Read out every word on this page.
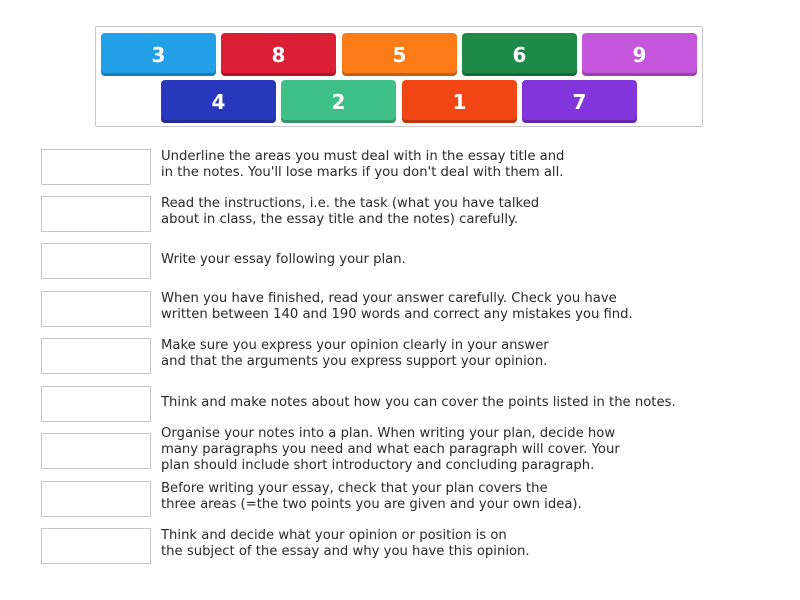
3	8	5	6	9
4	2	1	7
Underline the areas you must deal with in the essay title and
in the notes. You'll lose marks if you don't deal with them all.
Read the instructions, i.e. the task (what you have talked
about in class, the essay title and the notes) carefully.
Write your essay following your plan.
When you have finished, read your answer carefully. Check you have
written between 140 and 190 words and correct any mistakes you find.
Make sure you express your opinion clearly in your answer
and that the arguments you express support your opinion.
Think and make notes about how you can cover the points listed in the notes.
Organise your notes into a plan. When writing your plan, decide how
many paragraphs you need and what each paragraph will cover. Your
plan should include short introductory and concluding paragraph.
Before writing your essay, check that your plan covers the
three areas (=the two points you are given and your own idea).
Think and decide what your opinion or position is on
the subject of the essay and why you have this opinion.
